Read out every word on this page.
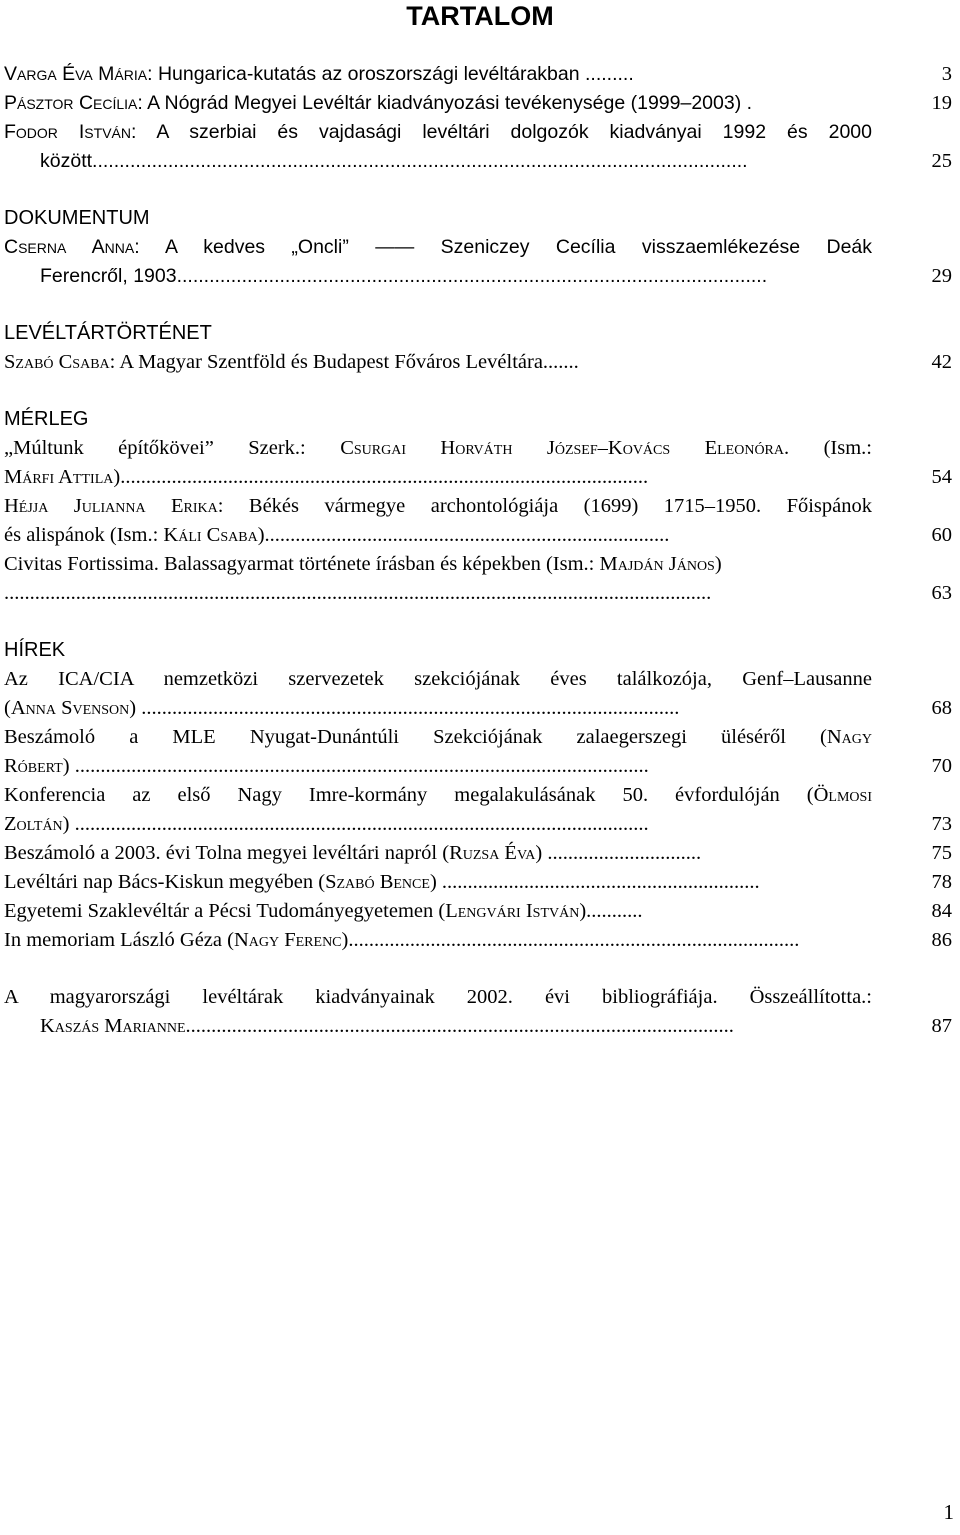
TARTALOM
Varga Éva Mária: Hungarica-kutatás az oroszországi levéltárakban .........	3
Pásztor Cecília: A Nógrád Megyei Levéltár kiadványozási tevékenysége (1999–2003) .	19
Fodor István: A szerbiai és vajdasági levéltári dolgozók kiadványai 1992 és 2000
között.........................................................................................................................	25
DOKUMENTUM
Cserna Anna: A kedves „Oncli” —— Szeniczey Cecília visszaemlékezése Deák
Ferencről, 1903.............................................................................................................	29
LEVÉLTÁRTÖRTÉNET
Szabó Csaba: A Magyar Szentföld és Budapest Főváros Levéltára.......	42
MÉRLEG
„Múltunk építőkövei” Szerk.: Csurgai Horváth József–Kovács Eleonóra. (Ism.:
Márfi Attila).......................................................................................................	54
Héjja Julianna Erika: Békés vármegye archontológiája (1699) 1715–1950. Főispánok
és alispánok (Ism.: Káli Csaba)...............................................................................	60
Civitas Fortissima. Balassagyarmat története írásban és képekben (Ism.: Majdán János)
..........................................................................................................................................	63
HÍREK
Az ICA/CIA nemzetközi szervezetek szekciójának éves találkozója, Genf–Lausanne
(Anna Svenson) .........................................................................................................	68
Beszámoló a MLE Nyugat-Dunántúli Szekciójának zalaegerszegi üléséről (Nagy
Róbert) ................................................................................................................	70
Konferencia az első Nagy Imre-kormány megalakulásának 50. évfordulóján (Ölmosi
Zoltán) ................................................................................................................	73
Beszámoló a 2003. évi Tolna megyei levéltári napról (Ruzsa Éva) ..............................	75
Levéltári nap Bács-Kiskun megyében (Szabó Bence) ..............................................................	78
Egyetemi Szaklevéltár a Pécsi Tudományegyetemen (Lengvári István)...........	84
In memoriam László Géza (Nagy Ferenc)........................................................................................	86
A magyarországi levéltárak kiadványainak 2002. évi bibliográfiája. Összeállította.:
Kaszás Marianne...........................................................................................................	87
1
